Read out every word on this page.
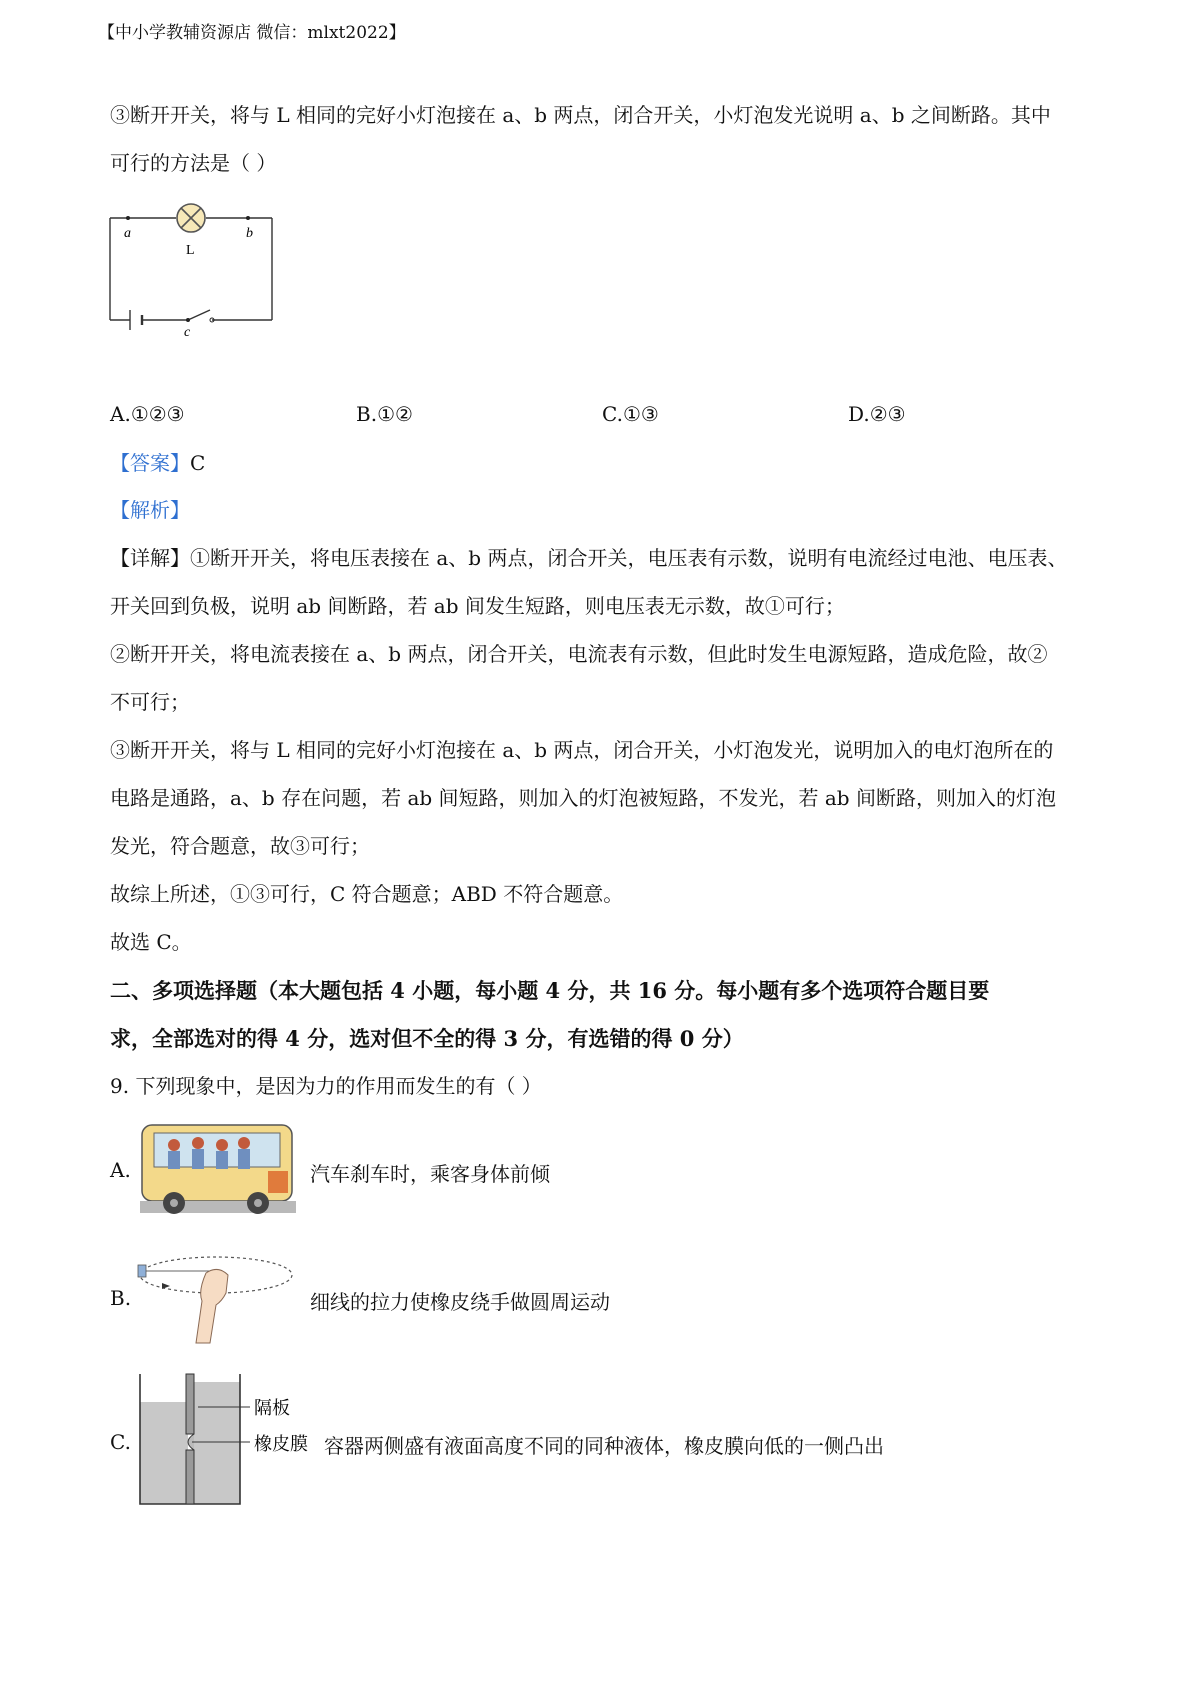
【中小学教辅资源店 微信：mlxt2022】
③断开开关，将与 L 相同的完好小灯泡接在 a、b 两点，闭合开关，小灯泡发光说明 a、b 之间断路。其中
可行的方法是（ ）
a	b
L
c
A.①②③	B.①②	C.①③	D.②③
【答案】C
【解析】
【详解】①断开开关，将电压表接在 a、b 两点，闭合开关，电压表有示数，说明有电流经过电池、电压表、
开关回到负极，说明 ab 间断路，若 ab 间发生短路，则电压表无示数，故①可行；
②断开开关，将电流表接在 a、b 两点，闭合开关，电流表有示数，但此时发生电源短路，造成危险，故②
不可行；
③断开开关，将与 L 相同的完好小灯泡接在 a、b 两点，闭合开关，小灯泡发光，说明加入的电灯泡所在的
电路是通路，a、b 存在问题，若 ab 间短路，则加入的灯泡被短路，不发光，若 ab 间断路，则加入的灯泡
发光，符合题意，故③可行；
故综上所述，①③可行，C 符合题意；ABD 不符合题意。
故选 C。
二、多项选择题（本大题包括 4 小题，每小题 4 分，共 16 分。每小题有多个选项符合题目要
求，全部选对的得 4 分，选对但不全的得 3 分，有选错的得 0 分）
9. 下列现象中，是因为力的作用而发生的有（ ）
A.	汽车刹车时，乘客身体前倾
B.	细线的拉力使橡皮绕手做圆周运动
C.
隔板
橡皮膜 容器两侧盛有液面高度不同的同种液体，橡皮膜向低的一侧凸出
